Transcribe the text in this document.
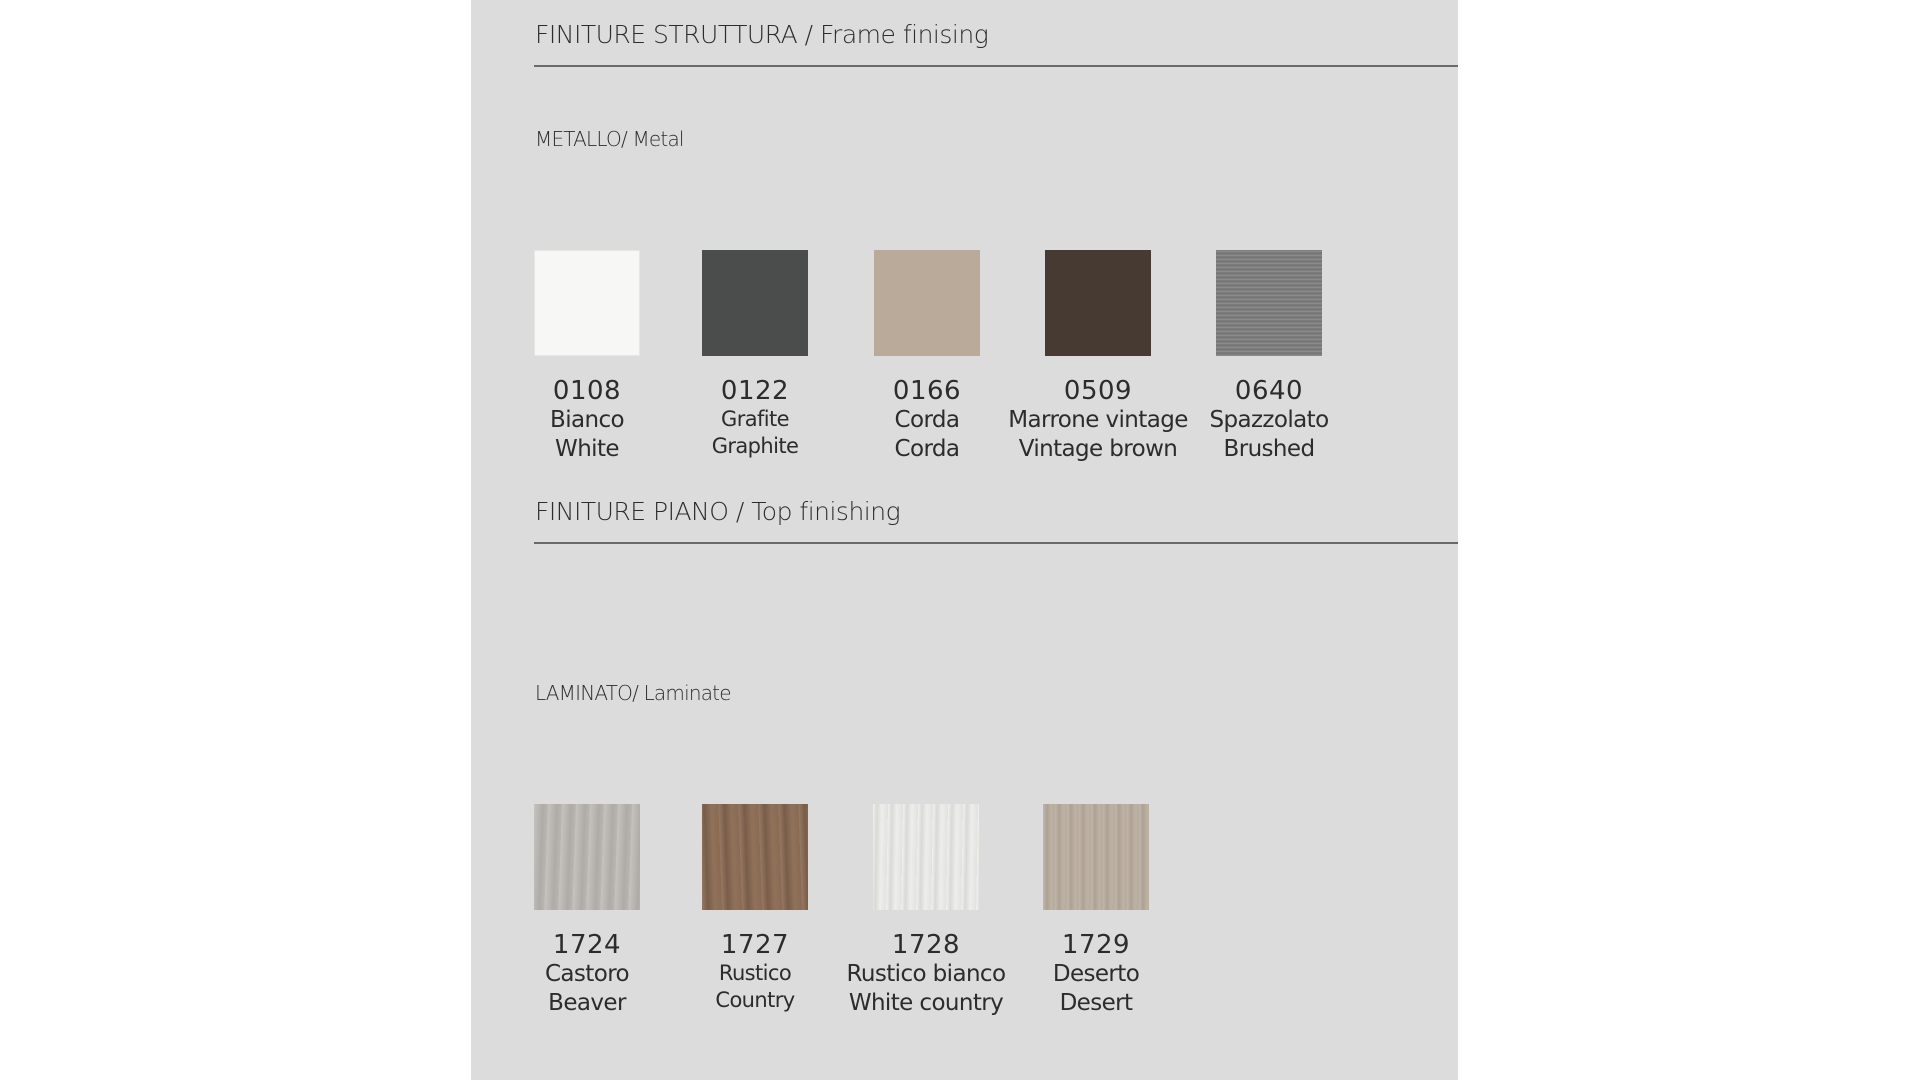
FINITURE STRUTTURA / Frame finising
METALLO/ Metal
0108
Bianco
White
0122
Grafite
Graphite
0166
Corda
Corda
0509
Marrone vintage
Vintage brown
0640
Spazzolato
Brushed
FINITURE PIANO / Top finishing
LAMINATO/ Laminate
1724
Castoro
Beaver
1727
Rustico
Country
1728
Rustico bianco
White country
1729
Deserto
Desert
